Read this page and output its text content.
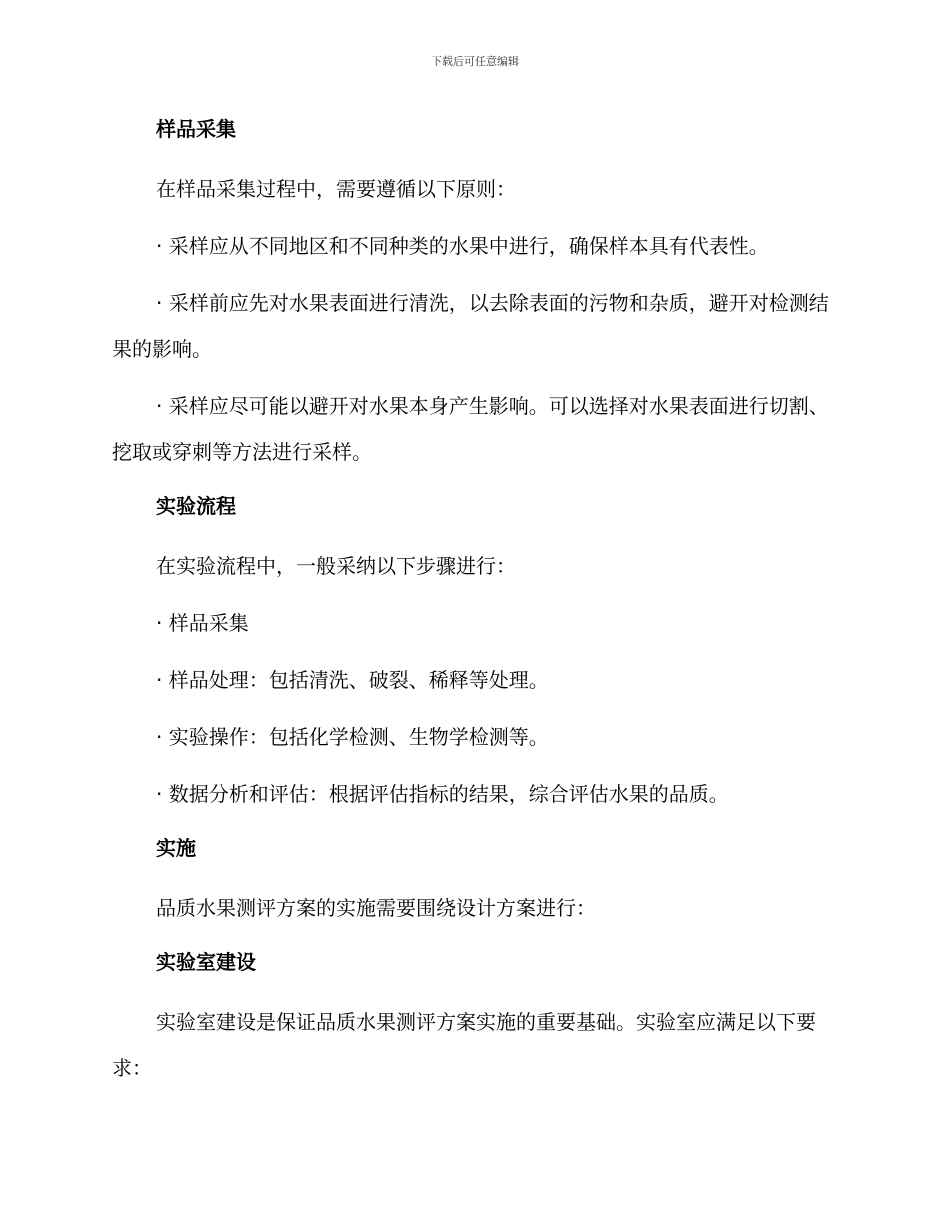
下载后可任意编辑
样品采集
在样品采集过程中，需要遵循以下原则：
· 采样应从不同地区和不同种类的水果中进行，确保样本具有代表性。
· 采样前应先对水果表面进行清洗，以去除表面的污物和杂质，避开对检测结果的影响。
· 采样应尽可能以避开对水果本身产生影响。可以选择对水果表面进行切割、挖取或穿刺等方法进行采样。
实验流程
在实验流程中，一般采纳以下步骤进行：
· 样品采集
· 样品处理：包括清洗、破裂、稀释等处理。
· 实验操作：包括化学检测、生物学检测等。
· 数据分析和评估：根据评估指标的结果，综合评估水果的品质。
实施
品质水果测评方案的实施需要围绕设计方案进行：
实验室建设
实验室建设是保证品质水果测评方案实施的重要基础。实验室应满足以下要求：
